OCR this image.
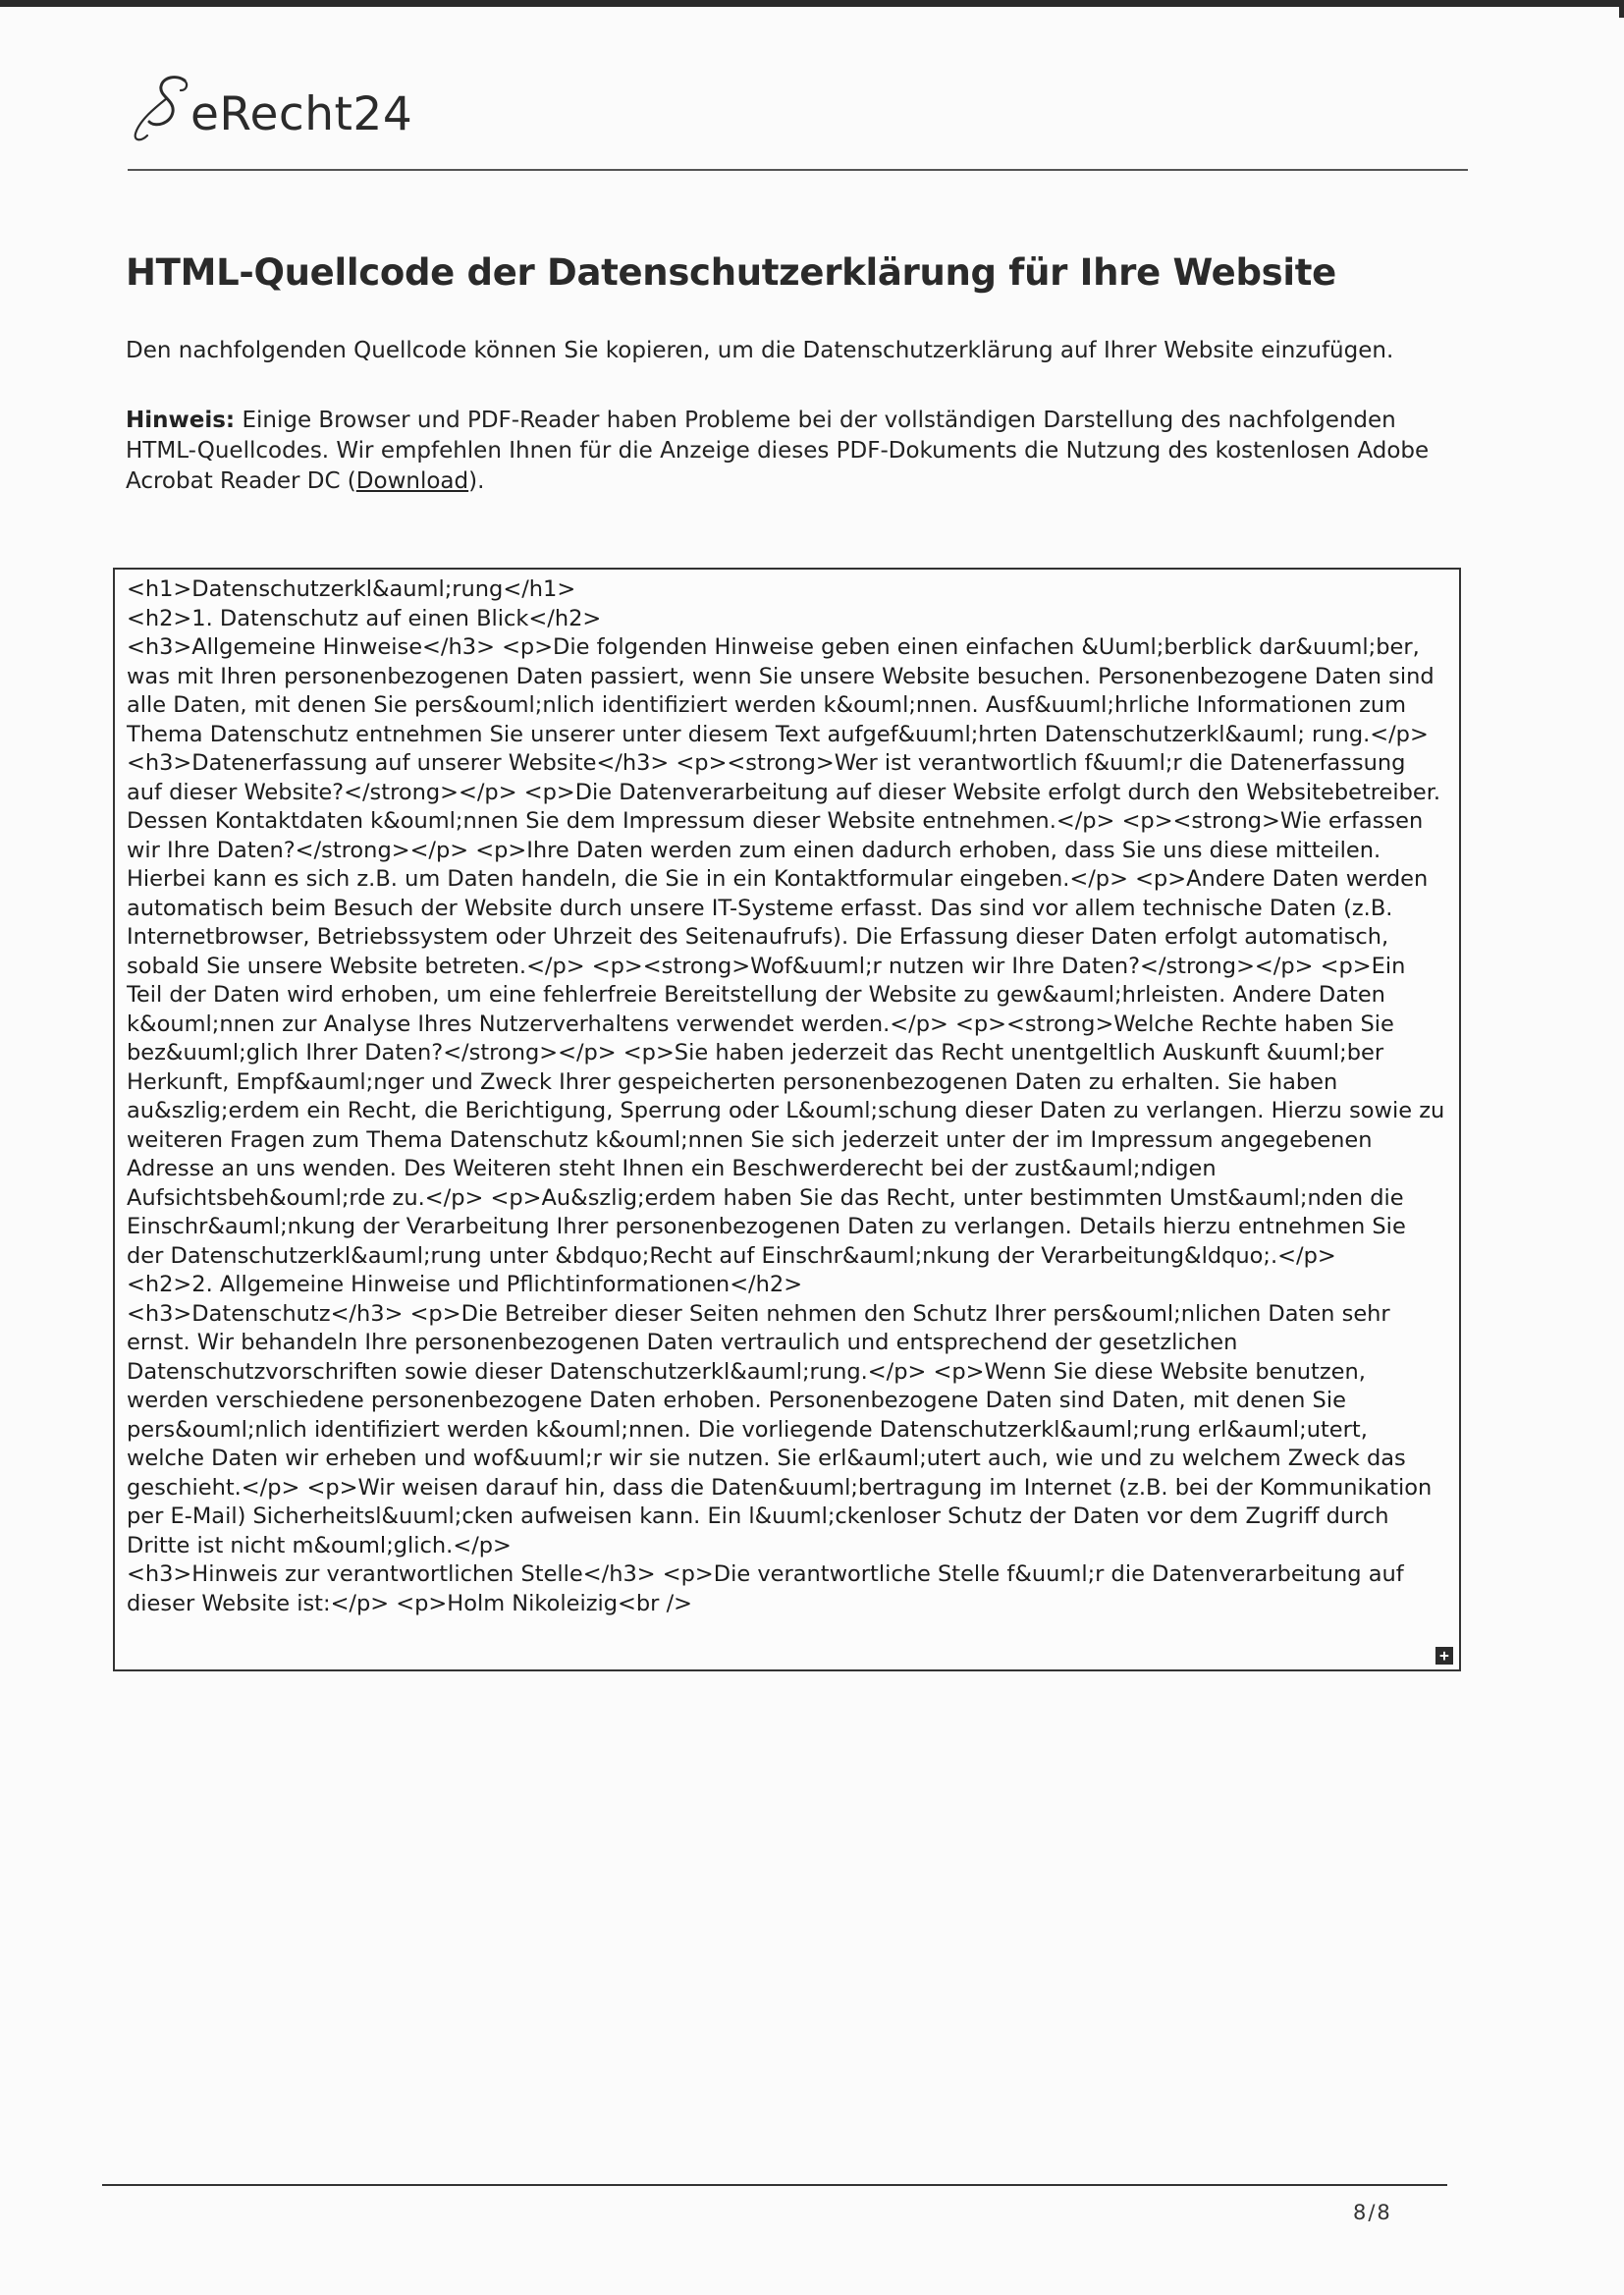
eRecht24
HTML-Quellcode der Datenschutzerklärung für Ihre Website

Den nachfolgenden Quellcode können Sie kopieren, um die Datenschutzerklärung auf Ihrer Website einzufügen.

Hinweis: Einige Browser und PDF-Reader haben Probleme bei der vollständigen Darstellung des nachfolgenden HTML-Quellcodes. Wir empfehlen Ihnen für die Anzeige dieses PDF-Dokuments die Nutzung des kostenlosen Adobe Acrobat Reader DC (Download).

<h1>Datenschutzerkl&auml;rung</h1>
<h2>1. Datenschutz auf einen Blick</h2>
<h3>Allgemeine Hinweise</h3> <p>Die folgenden Hinweise geben einen einfachen &Uuml;berblick dar&uuml;ber, was mit Ihren personenbezogenen Daten passiert, wenn Sie unsere Website besuchen. Personenbezogene Daten sind alle Daten, mit denen Sie pers&ouml;nlich identifiziert werden k&ouml;nnen. Ausf&uuml;hrliche Informationen zum Thema Datenschutz entnehmen Sie unserer unter diesem Text aufgef&uuml;hrten Datenschutzerkl&auml; rung.</p>
<h3>Datenerfassung auf unserer Website</h3> <p><strong>Wer ist verantwortlich f&uuml;r die Datenerfassung auf dieser Website?</strong></p> <p>Die Datenverarbeitung auf dieser Website erfolgt durch den Websitebetreiber. Dessen Kontaktdaten k&ouml;nnen Sie dem Impressum dieser Website entnehmen.</p> <p><strong>Wie erfassen wir Ihre Daten?</strong></p> <p>Ihre Daten werden zum einen dadurch erhoben, dass Sie uns diese mitteilen. Hierbei kann es sich z.B. um Daten handeln, die Sie in ein Kontaktformular eingeben.</p> <p>Andere Daten werden automatisch beim Besuch der Website durch unsere IT-Systeme erfasst. Das sind vor allem technische Daten (z.B. Internetbrowser, Betriebssystem oder Uhrzeit des Seitenaufrufs). Die Erfassung dieser Daten erfolgt automatisch, sobald Sie unsere Website betreten.</p> <p><strong>Wof&uuml;r nutzen wir Ihre Daten?</strong></p> <p>Ein Teil der Daten wird erhoben, um eine fehlerfreie Bereitstellung der Website zu gew&auml;hrleisten. Andere Daten k&ouml;nnen zur Analyse Ihres Nutzerverhaltens verwendet werden.</p> <p><strong>Welche Rechte haben Sie bez&uuml;glich Ihrer Daten?</strong></p> <p>Sie haben jederzeit das Recht unentgeltlich Auskunft &uuml;ber Herkunft, Empf&auml;nger und Zweck Ihrer gespeicherten personenbezogenen Daten zu erhalten. Sie haben au&szlig;erdem ein Recht, die Berichtigung, Sperrung oder L&ouml;schung dieser Daten zu verlangen. Hierzu sowie zu weiteren Fragen zum Thema Datenschutz k&ouml;nnen Sie sich jederzeit unter der im Impressum angegebenen Adresse an uns wenden. Des Weiteren steht Ihnen ein Beschwerderecht bei der zust&auml;ndigen Aufsichtsbeh&ouml;rde zu.</p> <p>Au&szlig;erdem haben Sie das Recht, unter bestimmten Umst&auml;nden die Einschr&auml;nkung der Verarbeitung Ihrer personenbezogenen Daten zu verlangen. Details hierzu entnehmen Sie der Datenschutzerkl&auml;rung unter &bdquo;Recht auf Einschr&auml;nkung der Verarbeitung&ldquo;.</p>
<h2>2. Allgemeine Hinweise und Pflichtinformationen</h2>
<h3>Datenschutz</h3> <p>Die Betreiber dieser Seiten nehmen den Schutz Ihrer pers&ouml;nlichen Daten sehr ernst. Wir behandeln Ihre personenbezogenen Daten vertraulich und entsprechend der gesetzlichen Datenschutzvorschriften sowie dieser Datenschutzerkl&auml;rung.</p> <p>Wenn Sie diese Website benutzen, werden verschiedene personenbezogene Daten erhoben. Personenbezogene Daten sind Daten, mit denen Sie pers&ouml;nlich identifiziert werden k&ouml;nnen. Die vorliegende Datenschutzerkl&auml;rung erl&auml;utert, welche Daten wir erheben und wof&uuml;r wir sie nutzen. Sie erl&auml;utert auch, wie und zu welchem Zweck das geschieht.</p> <p>Wir weisen darauf hin, dass die Daten&uuml;bertragung im Internet (z.B. bei der Kommunikation per E-Mail) Sicherheitsl&uuml;cken aufweisen kann. Ein l&uuml;ckenloser Schutz der Daten vor dem Zugriff durch Dritte ist nicht m&ouml;glich.</p>
<h3>Hinweis zur verantwortlichen Stelle</h3> <p>Die verantwortliche Stelle f&uuml;r die Datenverarbeitung auf dieser Website ist:</p> <p>Holm Nikoleizig<br />
+
8/8
